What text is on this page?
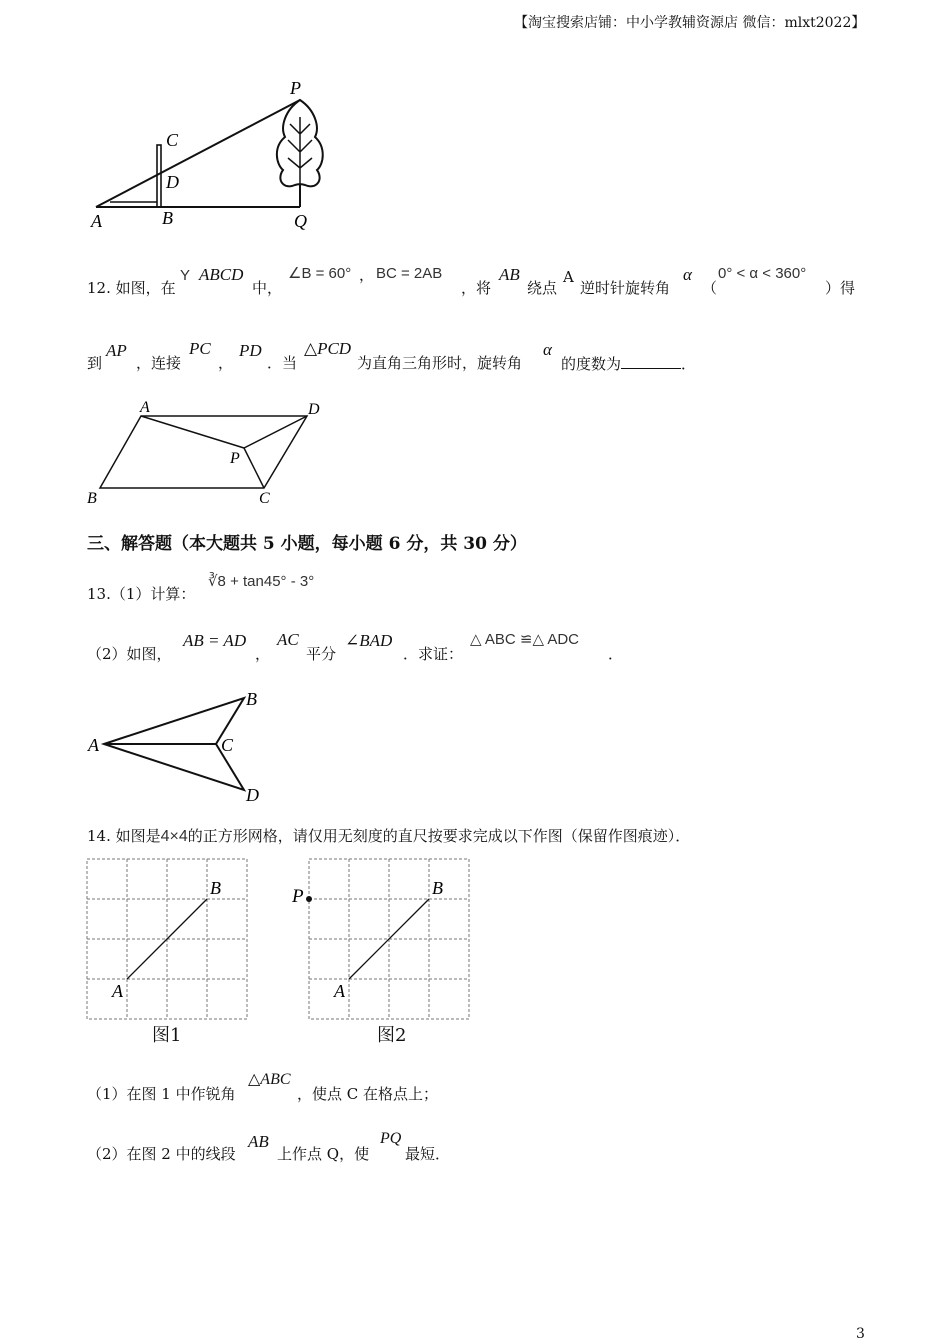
【淘宝搜索店铺：中小学教辅资源店 微信：mlxt2022】
P
C
D
A	B	Q
12. 如图，在
Y ABCD
中，
∠B = 60° ， BC = 2AB
，将
AB
绕点
A
逆时针旋转角
α
（
0° < α < 360°
）得
到
AP
，连接
PC
，
PD
．当
△PCD
为直角三角形时，旋转角
α
的度数为	．
A	D
P
B	C
三、解答题（本大题共 5 小题，每小题 6 分，共 30 分）
13.（1）计算：
∛8 + tan45° - 3°
（2）如图，
AB = AD
，
AC
平分
∠BAD
．求证：
△ ABC ≌△ ADC
．
A
B
C
D
14. 如图是4×4的正方形网格，请仅用无刻度的直尺按要求完成以下作图（保留作图痕迹）．
B
A
图1
P	B
A
图2
（1）在图 1 中作锐角
△ABC
，使点 C 在格点上；
（2）在图 2 中的线段
AB
上作点 Q，使
PQ
最短．
3
